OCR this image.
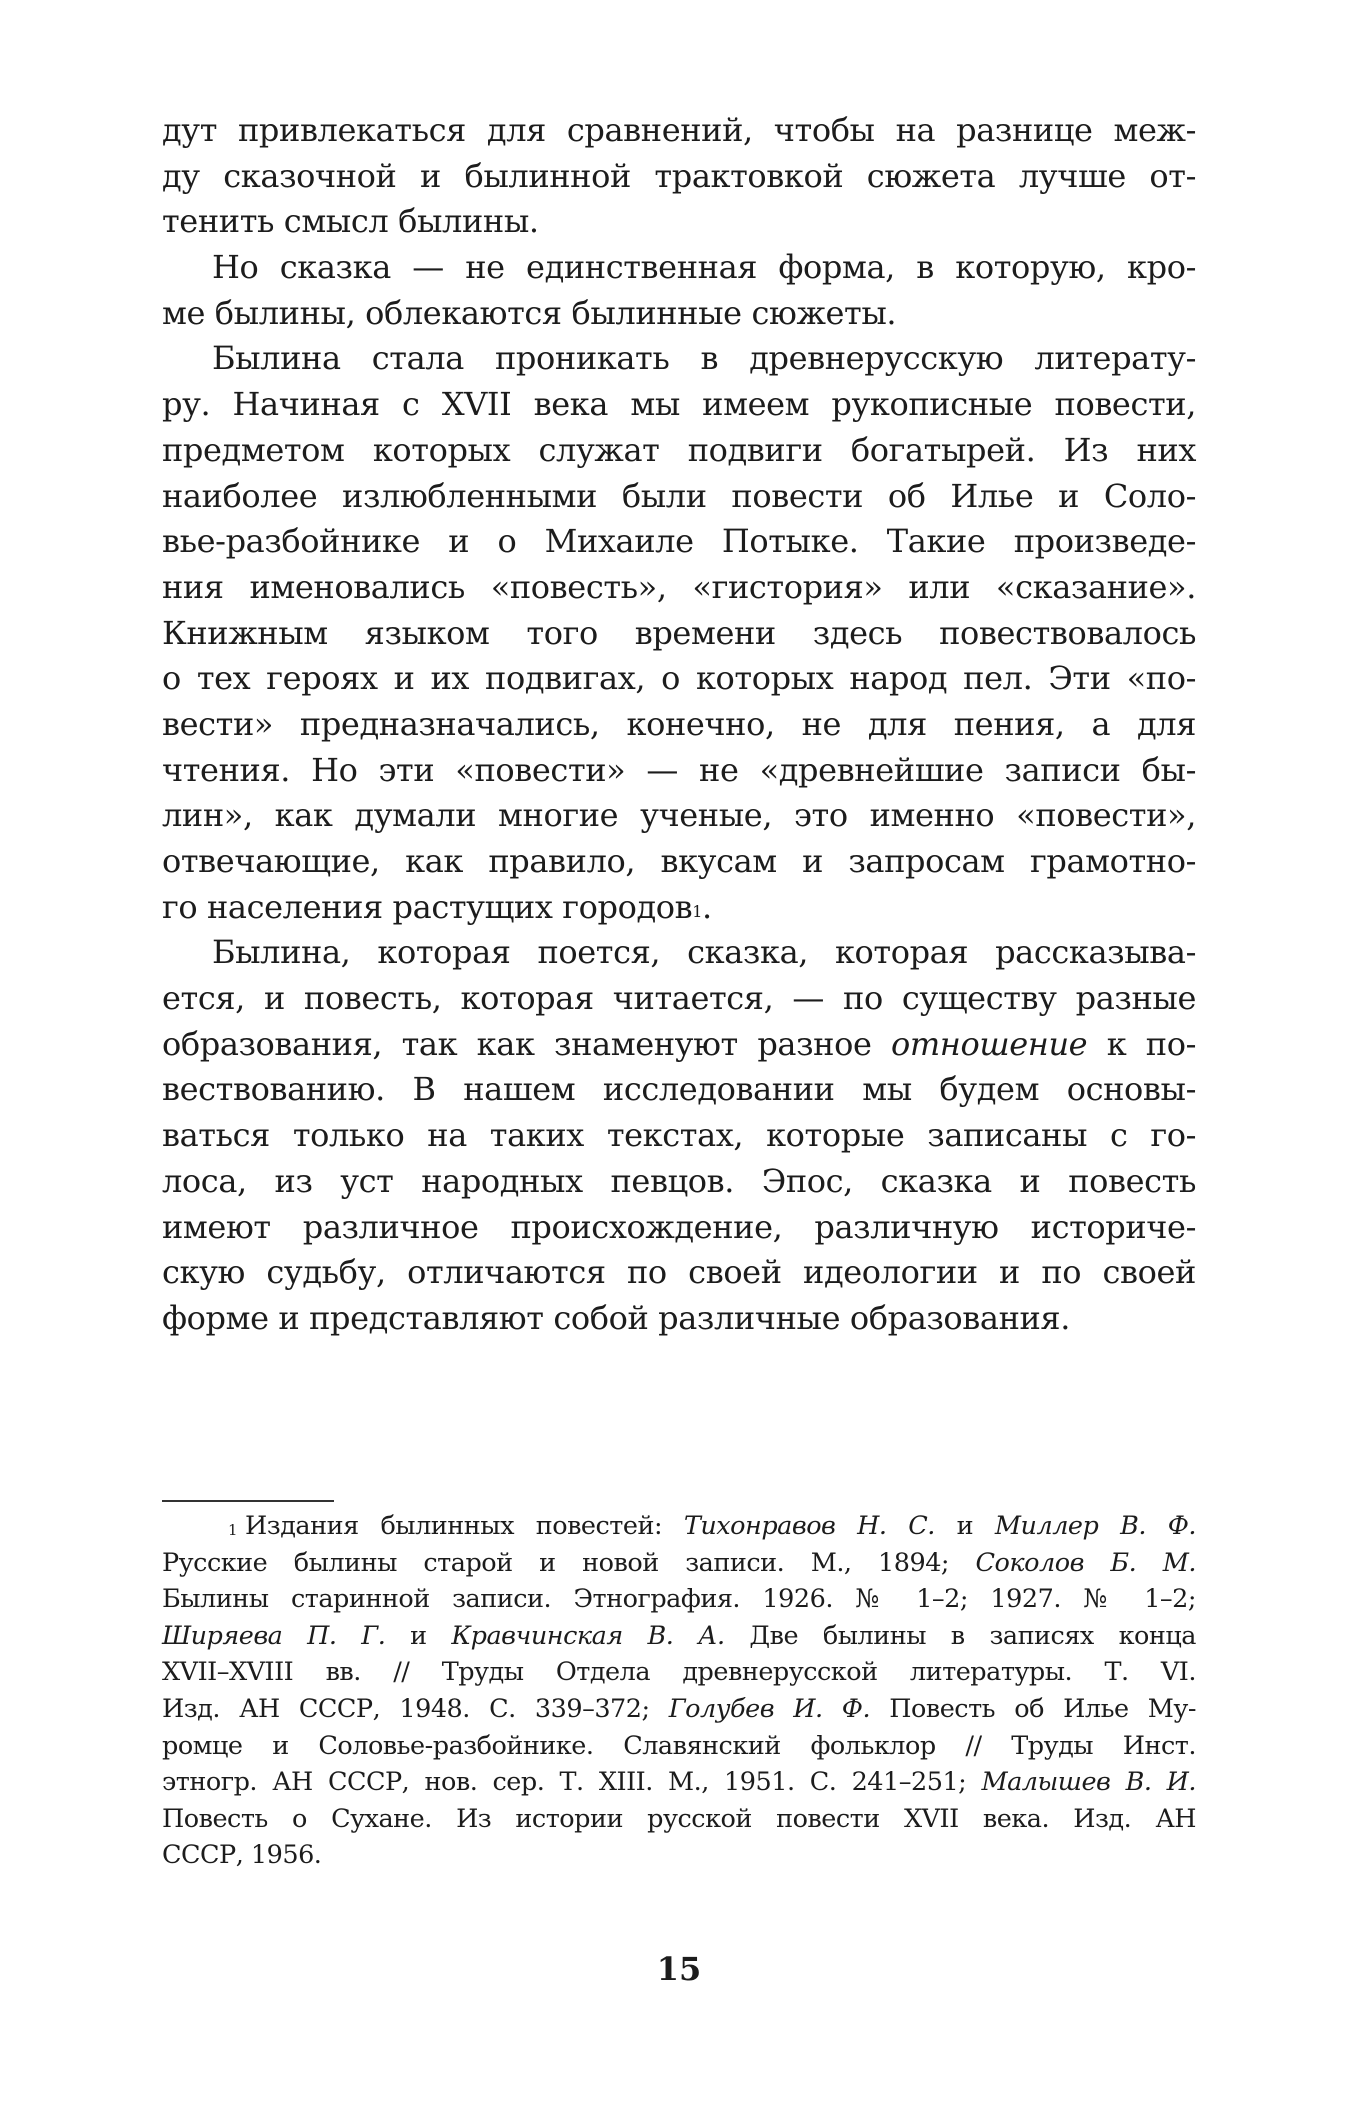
дут привлекаться для сравнений, чтобы на разнице меж-
ду сказочной и былинной трактовкой сюжета лучше от-
тенить смысл былины.
Но сказка — не единственная форма, в которую, кро-
ме былины, облекаются былинные сюжеты.
Былина стала проникать в древнерусскую литерату-
ру. Начиная с XVII века мы имеем рукописные повести,
предметом которых служат подвиги богатырей. Из них
наиболее излюбленными были повести об Илье и Соло-
вье-разбойнике и о Михаиле Потыке. Такие произведе-
ния именовались «повесть», «гистория» или «сказание».
Книжным языком того времени здесь повествовалось
о тех героях и их подвигах, о которых народ пел. Эти «по-
вести» предназначались, конечно, не для пения, а для
чтения. Но эти «повести» — не «древнейшие записи бы-
лин», как думали многие ученые, это именно «повести»,
отвечающие, как правило, вкусам и запросам грамотно-
го населения растущих городов$^1$.
Былина, которая поется, сказка, которая рассказыва-
ется, и повесть, которая читается, — по существу разные
образования, так как знаменуют разное отношение к по-
вествованию. В нашем исследовании мы будем основы-
ваться только на таких текстах, которые записаны с го-
лоса, из уст народных певцов. Эпос, сказка и повесть
имеют различное происхождение, различную историче-
скую судьбу, отличаются по своей идеологии и по своей
форме и представляют собой различные образования.
$^1$ Издания былинных повестей: Тихонравов Н. С. и Миллер В. Ф.
Русские былины старой и новой записи. М., 1894; Соколов Б. М.
Былины старинной записи. Этнография. 1926. № 1–2; 1927. № 1–2;
Ширяева П. Г. и Кравчинская В. А. Две былины в записях конца
XVII–XVIII вв. // Труды Отдела древнерусской литературы. Т. VI.
Изд. АН СССР, 1948. С. 339–372; Голубев И. Ф. Повесть об Илье Му-
ромце и Соловье-разбойнике. Славянский фольклор // Труды Инст.
этногр. АН СССР, нов. сер. Т. XIII. М., 1951. С. 241–251; Малышев В. И.
Повесть о Сухане. Из истории русской повести XVII века. Изд. АН
СССР, 1956.
15
